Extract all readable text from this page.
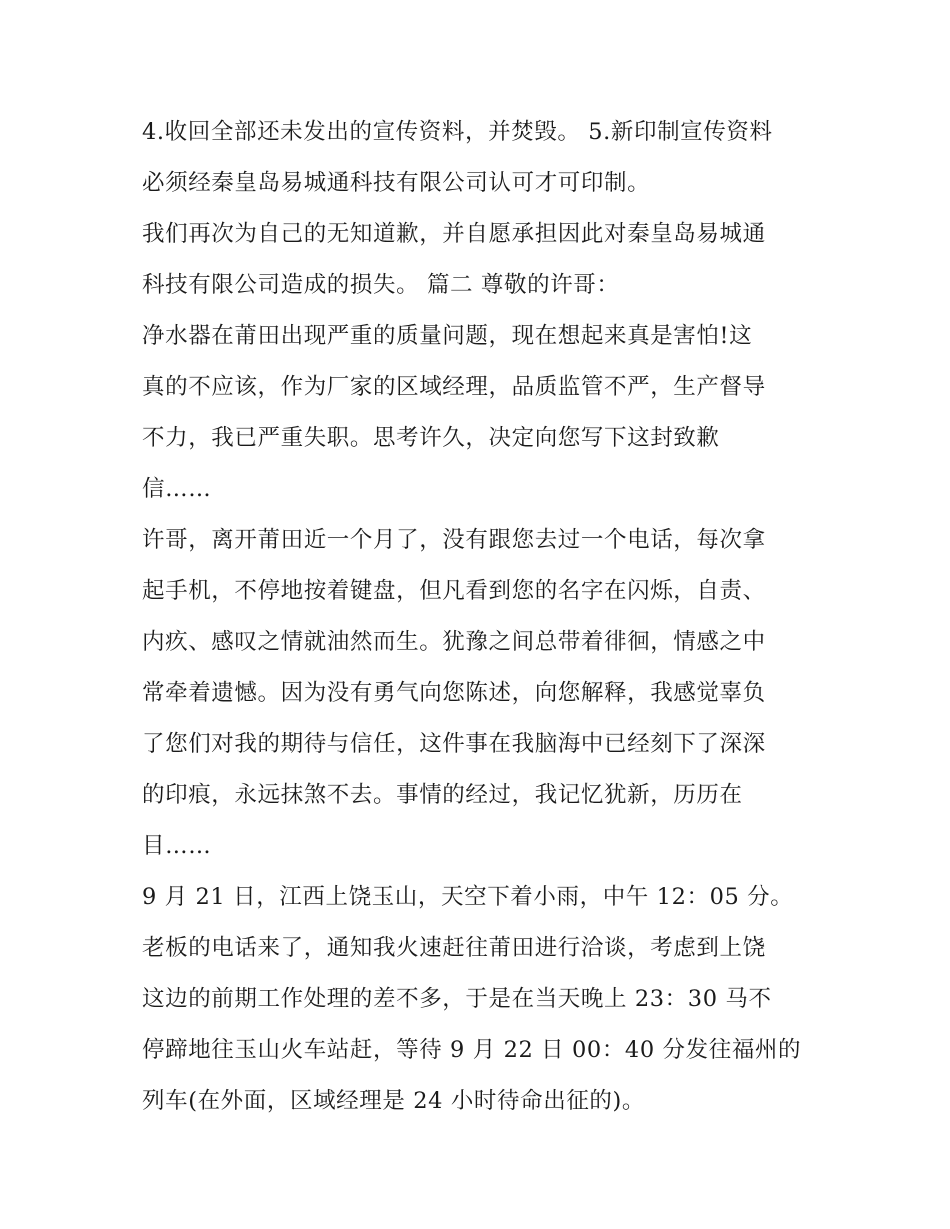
4.收回全部还未发出的宣传资料，并焚毁。 5.新印制宣传资料
必须经秦皇岛易城通科技有限公司认可才可印制。
我们再次为自己的无知道歉，并自愿承担因此对秦皇岛易城通
科技有限公司造成的损失。 篇二 尊敬的许哥：
净水器在莆田出现严重的质量问题，现在想起来真是害怕!这
真的不应该，作为厂家的区域经理，品质监管不严，生产督导
不力，我已严重失职。思考许久，决定向您写下这封致歉
信……
许哥，离开莆田近一个月了，没有跟您去过一个电话，每次拿
起手机，不停地按着键盘，但凡看到您的名字在闪烁，自责、
内疚、感叹之情就油然而生。犹豫之间总带着徘徊，情感之中
常牵着遗憾。因为没有勇气向您陈述，向您解释，我感觉辜负
了您们对我的期待与信任，这件事在我脑海中已经刻下了深深
的印痕，永远抹煞不去。事情的经过，我记忆犹新，历历在
目……
9 月 21 日，江西上饶玉山，天空下着小雨，中午 12：05 分。
老板的电话来了，通知我火速赶往莆田进行洽谈，考虑到上饶
这边的前期工作处理的差不多，于是在当天晚上 23：30 马不
停蹄地往玉山火车站赶，等待 9 月 22 日 00：40 分发往福州的
列车(在外面，区域经理是 24 小时待命出征的)。
